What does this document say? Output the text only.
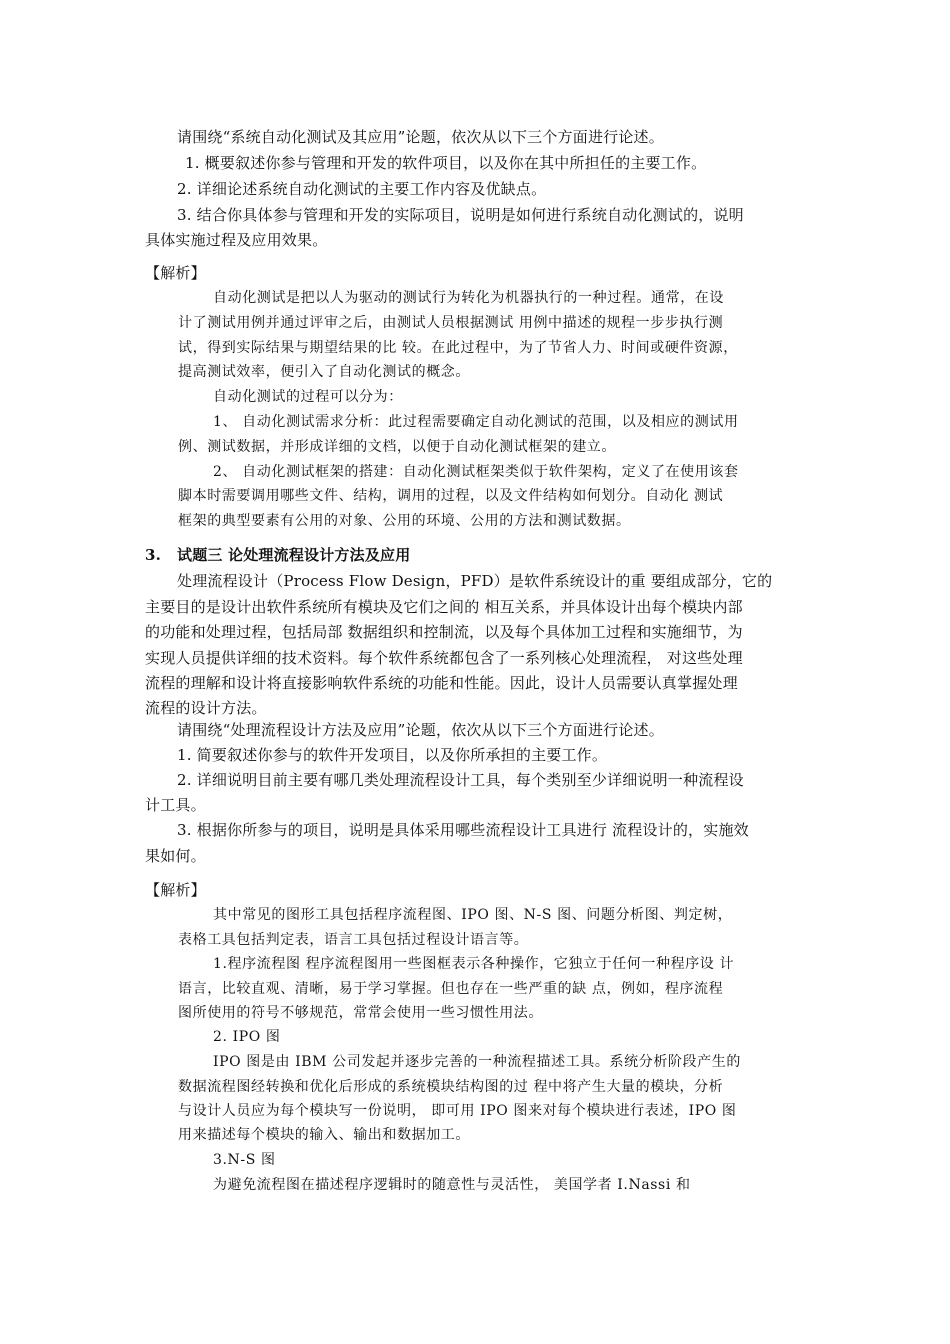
请围绕“系统自动化测试及其应用”论题，依次从以下三个方面进行论述。
1. 概要叙述你参与管理和开发的软件项目，以及你在其中所担任的主要工作。
2. 详细论述系统自动化测试的主要工作内容及优缺点。
3. 结合你具体参与管理和开发的实际项目，说明是如何进行系统自动化测试的，说明
具体实施过程及应用效果。
【解析】
自动化测试是把以人为驱动的测试行为转化为机器执行的一种过程。通常，在设
计了测试用例并通过评审之后，由测试人员根据测试 用例中描述的规程一步步执行测
试，得到实际结果与期望结果的比 较。在此过程中，为了节省人力、时间或硬件资源，
提高测试效率，便引入了自动化测试的概念。
自动化测试的过程可以分为：
1、 自动化测试需求分析：此过程需要确定自动化测试的范围，以及相应的测试用
例、测试数据，并形成详细的文档，以便于自动化测试框架的建立。
2、 自动化测试框架的搭建：自动化测试框架类似于软件架构，定义了在使用该套
脚本时需要调用哪些文件、结构，调用的过程，以及文件结构如何划分。自动化 测试
框架的典型要素有公用的对象、公用的环境、公用的方法和测试数据。
3. 试题三 论处理流程设计方法及应用
处理流程设计（Process Flow Design，PFD）是软件系统设计的重 要组成部分，它的
主要目的是设计出软件系统所有模块及它们之间的 相互关系，并具体设计出每个模块内部
的功能和处理过程，包括局部 数据组织和控制流，以及每个具体加工过程和实施细节，为
实现人员提供详细的技术资料。每个软件系统都包含了一系列核心处理流程， 对这些处理
流程的理解和设计将直接影响软件系统的功能和性能。因此，设计人员需要认真掌握处理
流程的设计方法。
请围绕“处理流程设计方法及应用”论题，依次从以下三个方面进行论述。
1. 简要叙述你参与的软件开发项目，以及你所承担的主要工作。
2. 详细说明目前主要有哪几类处理流程设计工具，每个类别至少详细说明一种流程设
计工具。
3. 根据你所参与的项目，说明是具体采用哪些流程设计工具进行 流程设计的，实施效
果如何。
【解析】
其中常见的图形工具包括程序流程图、IPO 图、N-S 图、问题分析图、判定树，
表格工具包括判定表，语言工具包括过程设计语言等。
1.程序流程图 程序流程图用一些图框表示各种操作，它独立于任何一种程序设 计
语言，比较直观、清晰，易于学习掌握。但也存在一些严重的缺 点，例如，程序流程
图所使用的符号不够规范，常常会使用一些习惯性用法。
2. IPO 图
IPO 图是由 IBM 公司发起并逐步完善的一种流程描述工具。系统分析阶段产生的
数据流程图经转换和优化后形成的系统模块结构图的过 程中将产生大量的模块，分析
与设计人员应为每个模块写一份说明， 即可用 IPO 图来对每个模块进行表述，IPO 图
用来描述每个模块的输入、输出和数据加工。
3.N-S 图
为避免流程图在描述程序逻辑时的随意性与灵活性， 美国学者 I.Nassi 和
